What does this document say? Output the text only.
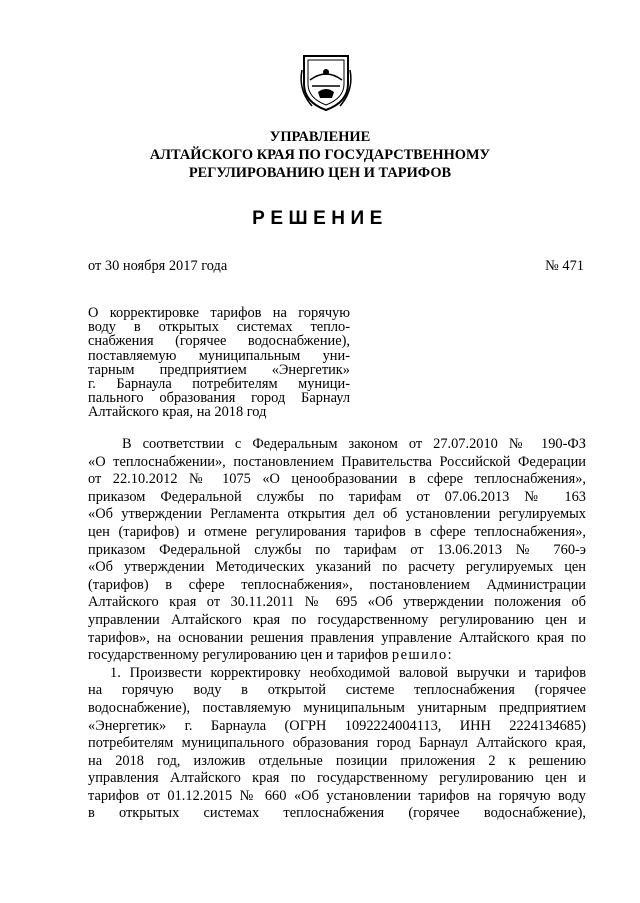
УПРАВЛЕНИЕ
АЛТАЙСКОГО КРАЯ ПО ГОСУДАРСТВЕННОМУ
РЕГУЛИРОВАНИЮ ЦЕН И ТАРИФОВ
РЕШЕНИЕ
от 30 ноября 2017 года	№ 471
О корректировке тарифов на горячую
воду в открытых системах тепло-
снабжения (горячее водоснабжение),
поставляемую муниципальным уни-
тарным предприятием «Энергетик»
г. Барнаула потребителям муници-
пального образования город Барнаул
Алтайского края, на 2018 год
В соответствии с Федеральным законом от 27.07.2010 № 190-ФЗ
«О теплоснабжении», постановлением Правительства Российской Федерации
от 22.10.2012 № 1075 «О ценообразовании в сфере теплоснабжения»,
приказом Федеральной службы по тарифам от 07.06.2013 № 163
«Об утверждении Регламента открытия дел об установлении регулируемых
цен (тарифов) и отмене регулирования тарифов в сфере теплоснабжения»,
приказом Федеральной службы по тарифам от 13.06.2013 № 760-э
«Об утверждении Методических указаний по расчету регулируемых цен
(тарифов) в сфере теплоснабжения», постановлением Администрации
Алтайского края от 30.11.2011 № 695 «Об утверждении положения об
управлении Алтайского края по государственному регулированию цен и
тарифов», на основании решения правления управление Алтайского края по
государственному регулированию цен и тарифов решило:
1. Произвести корректировку необходимой валовой выручки и тарифов
на горячую воду в открытой системе теплоснабжения (горячее
водоснабжение), поставляемую муниципальным унитарным предприятием
«Энергетик» г. Барнаула (ОГРН 1092224004113, ИНН 2224134685)
потребителям муниципального образования город Барнаул Алтайского края,
на 2018 год, изложив отдельные позиции приложения 2 к решению
управления Алтайского края по государственному регулированию цен и
тарифов от 01.12.2015 № 660 «Об установлении тарифов на горячую воду
в открытых системах теплоснабжения (горячее водоснабжение),
